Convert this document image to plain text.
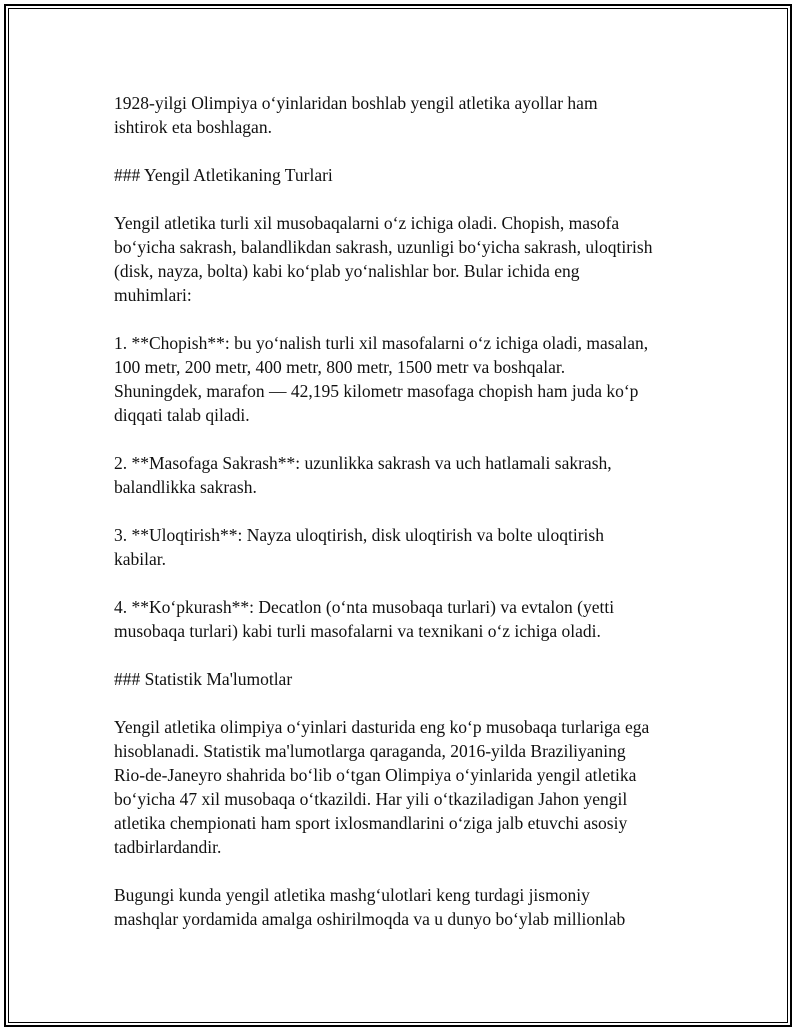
1928-yilgi Olimpiya o‘yinlaridan boshlab yengil atletika ayollar ham
ishtirok eta boshlagan.
### Yengil Atletikaning Turlari
Yengil atletika turli xil musobaqalarni o‘z ichiga oladi. Chopish, masofa
bo‘yicha sakrash, balandlikdan sakrash, uzunligi bo‘yicha sakrash, uloqtirish
(disk, nayza, bolta) kabi ko‘plab yo‘nalishlar bor. Bular ichida eng
muhimlari:
1. **Chopish**: bu yo‘nalish turli xil masofalarni o‘z ichiga oladi, masalan,
100 metr, 200 metr, 400 metr, 800 metr, 1500 metr va boshqalar.
Shuningdek, marafon — 42,195 kilometr masofaga chopish ham juda ko‘p
diqqati talab qiladi.
2. **Masofaga Sakrash**: uzunlikka sakrash va uch hatlamali sakrash,
balandlikka sakrash.
3. **Uloqtirish**: Nayza uloqtirish, disk uloqtirish va bolte uloqtirish
kabilar.
4. **Ko‘pkurash**: Decatlon (o‘nta musobaqa turlari) va evtalon (yetti
musobaqa turlari) kabi turli masofalarni va texnikani o‘z ichiga oladi.
### Statistik Ma'lumotlar
Yengil atletika olimpiya o‘yinlari dasturida eng ko‘p musobaqa turlariga ega
hisoblanadi. Statistik ma'lumotlarga qaraganda, 2016-yilda Braziliyaning
Rio-de-Janeyro shahrida bo‘lib o‘tgan Olimpiya o‘yinlarida yengil atletika
bo‘yicha 47 xil musobaqa o‘tkazildi. Har yili o‘tkaziladigan Jahon yengil
atletika chempionati ham sport ixlosmandlarini o‘ziga jalb etuvchi asosiy
tadbirlardandir.
Bugungi kunda yengil atletika mashg‘ulotlari keng turdagi jismoniy
mashqlar yordamida amalga oshirilmoqda va u dunyo bo‘ylab millionlab
